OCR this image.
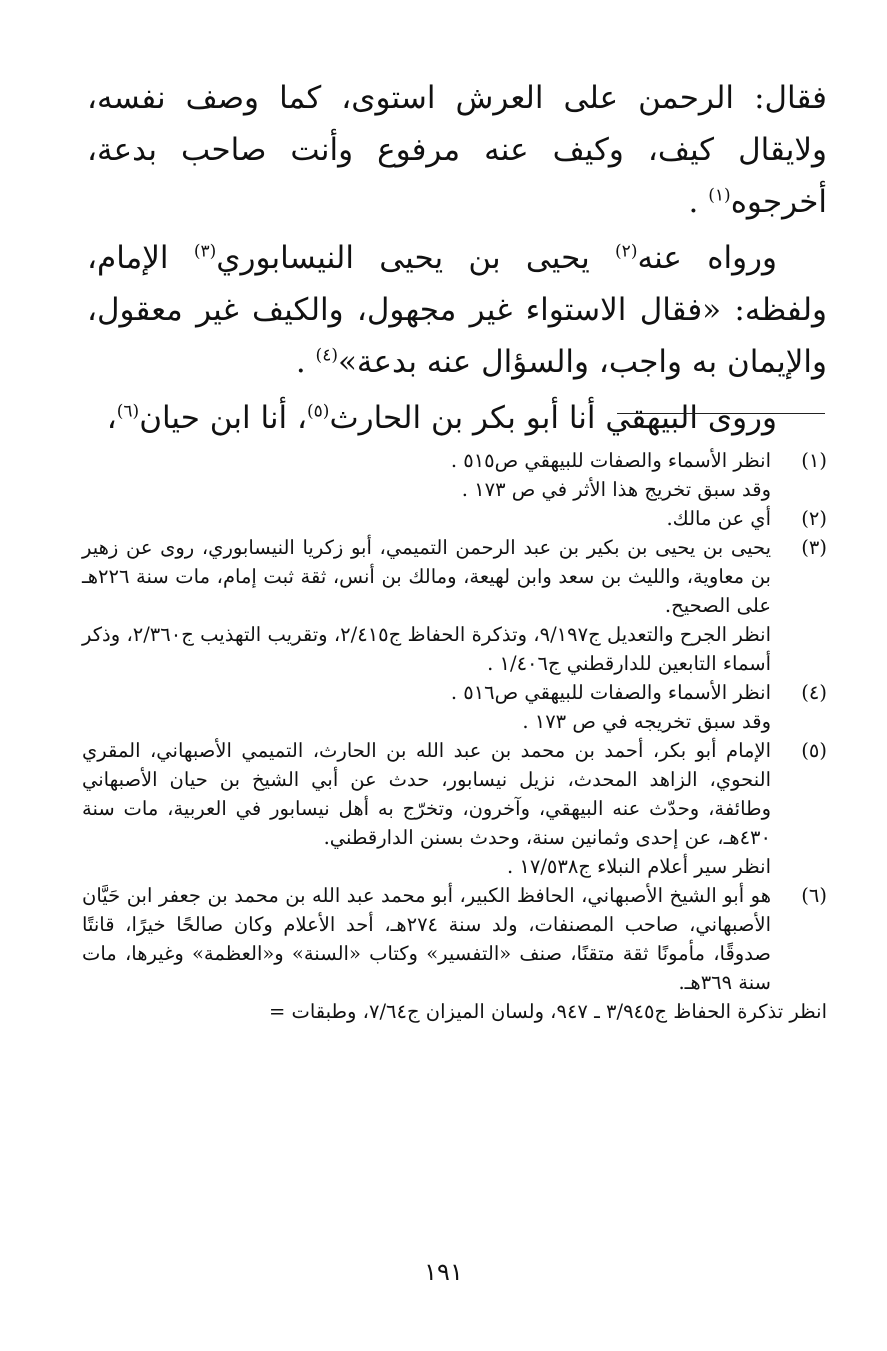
فقال: الرحمن على العرش استوى، كما وصف نفسه، ولايقال كيف، وكيف عنه مرفوع وأنت صاحب بدعة، أخرجوه$^{(١)}$ .

ورواه عنه$^{(٢)}$ يحيى بن يحيى النيسابوري$^{(٣)}$ الإمام، ولفظه: «فقال الاستواء غير مجهول، والكيف غير معقول، والإيمان به واجب، والسؤال عنه بدعة»$^{(٤)}$ .

وروى البيهقي أنا أبو بكر بن الحارث$^{(٥)}$، أنا ابن حيان$^{(٦)}$،

(١)

انظر الأسماء والصفات للبيهقي ص٥١٥ .

وقد سبق تخريج هذا الأثر في ص ١٧٣ .

(٢)

أي عن مالك.

(٣)

يحيى بن يحيى بن بكير بن عبد الرحمن التميمي، أبو زكريا النيسابوري، روى عن زهير بن معاوية، والليث بن سعد وابن لهيعة، ومالك بن أنس، ثقة ثبت إمام، مات سنة ٢٢٦هـ على الصحيح.

انظر الجرح والتعديل ج٩/١٩٧، وتذكرة الحفاظ ج٢/٤١٥، وتقريب التهذيب ج٢/٣٦٠، وذكر أسماء التابعين للدارقطني ج١/٤٠٦ .

(٤)

انظر الأسماء والصفات للبيهقي ص٥١٦ .

وقد سبق تخريجه في ص ١٧٣ .

(٥)

الإمام أبو بكر، أحمد بن محمد بن عبد الله بن الحارث، التميمي الأصبهاني، المقري النحوي، الزاهد المحدث، نزيل نيسابور، حدث عن أبي الشيخ بن حيان الأصبهاني وطائفة، وحدّث عنه البيهقي، وآخرون، وتخرّج به أهل نيسابور في العربية، مات سنة ٤٣٠هـ، عن إحدى وثمانين سنة، وحدث بسنن الدارقطني.

انظر سير أعلام النبلاء ج١٧/٥٣٨ .

(٦)

هو أبو الشيخ الأصبهاني، الحافظ الكبير، أبو محمد عبد الله بن محمد بن جعفر ابن حَيَّان الأصبهاني، صاحب المصنفات، ولد سنة ٢٧٤هـ، أحد الأعلام وكان صالحًا خيرًا، قانتًا صدوقًا، مأمونًا ثقة متقنًا، صنف «التفسير» وكتاب «السنة» و«العظمة» وغيرها، مات سنة ٣٦٩هـ.

انظر تذكرة الحفاظ ج٣/٩٤٥ ـ ٩٤٧، ولسان الميزان ج٧/٦٤، وطبقات =

١٩١
